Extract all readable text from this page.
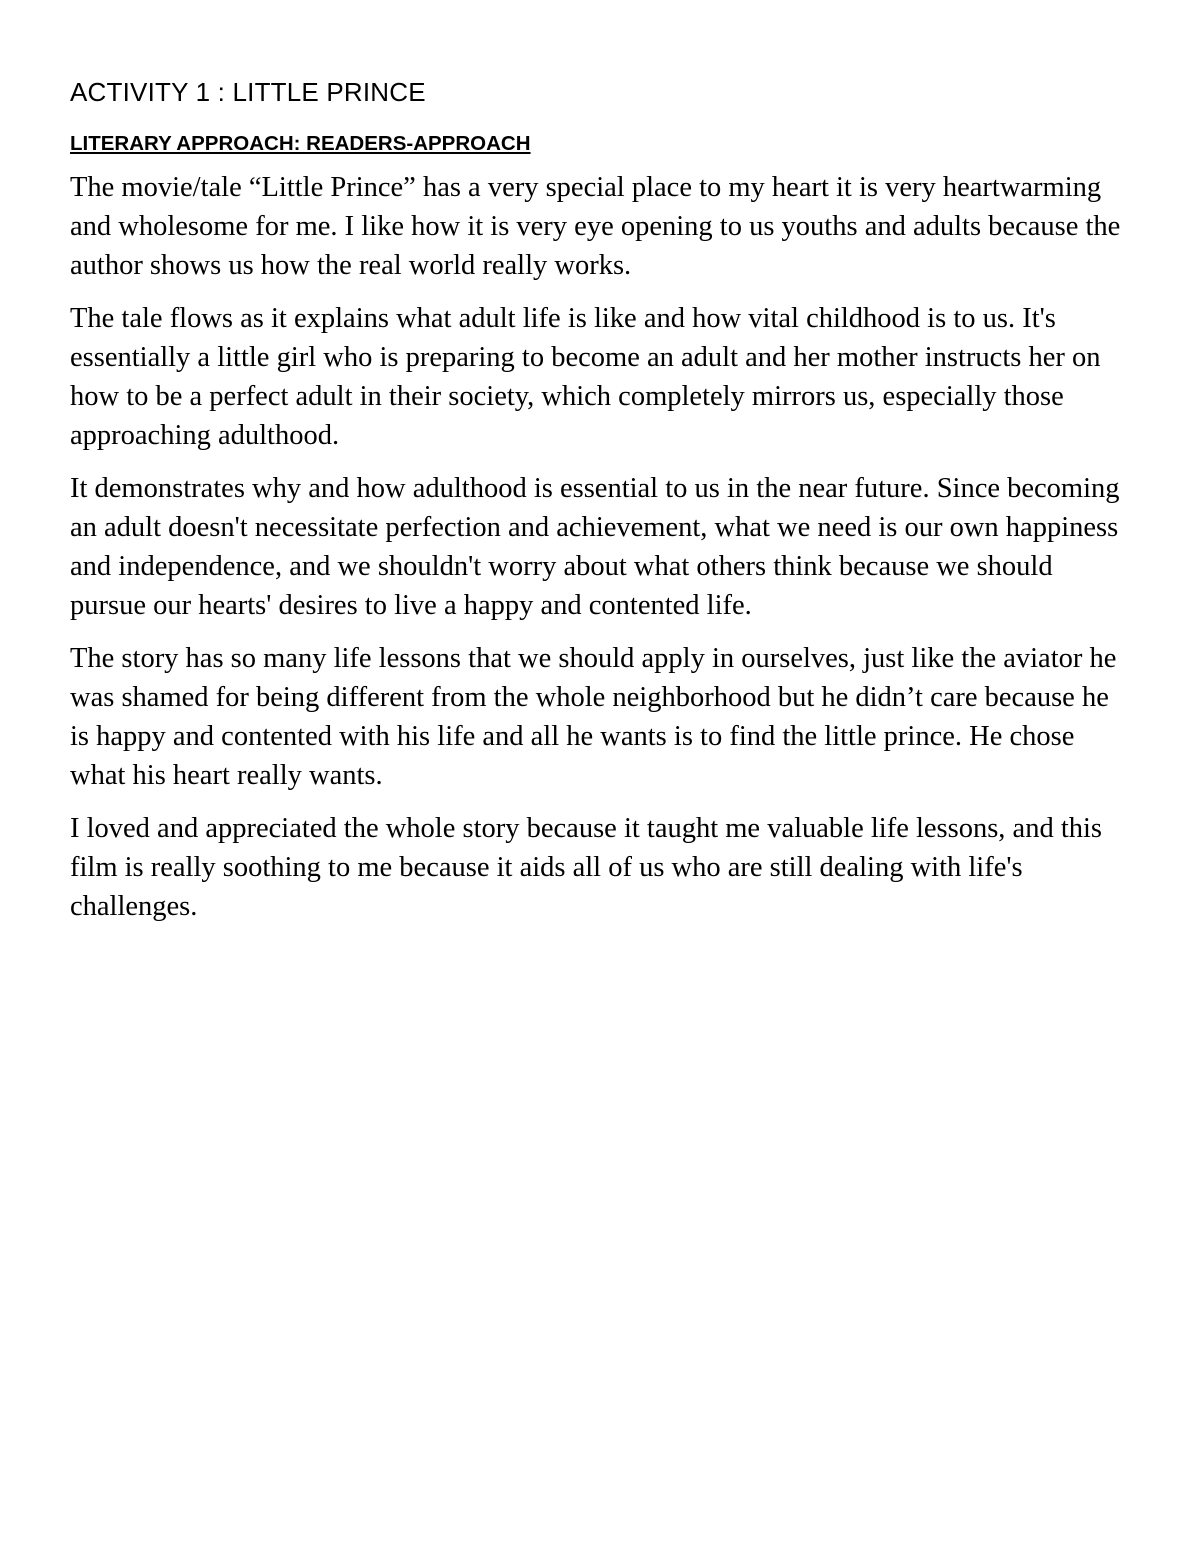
ACTIVITY 1 : LITTLE PRINCE
LITERARY APPROACH: READERS-APPROACH

The movie/tale “Little Prince” has a very special place to my heart it is very heartwarming and wholesome for me. I like how it is very eye opening to us youths and adults because the author shows us how the real world really works.

The tale flows as it explains what adult life is like and how vital childhood is to us. It's essentially a little girl who is preparing to become an adult and her mother instructs her on how to be a perfect adult in their society, which completely mirrors us, especially those approaching adulthood.

It demonstrates why and how adulthood is essential to us in the near future. Since becoming an adult doesn't necessitate perfection and achievement, what we need is our own happiness and independence, and we shouldn't worry about what others think because we should pursue our hearts' desires to live a happy and contented life.

The story has so many life lessons that we should apply in ourselves, just like the aviator he was shamed for being different from the whole neighborhood but he didn’t care because he is happy and contented with his life and all he wants is to find the little prince. He chose what his heart really wants.

I loved and appreciated the whole story because it taught me valuable life lessons, and this film is really soothing to me because it aids all of us who are still dealing with life's challenges.
